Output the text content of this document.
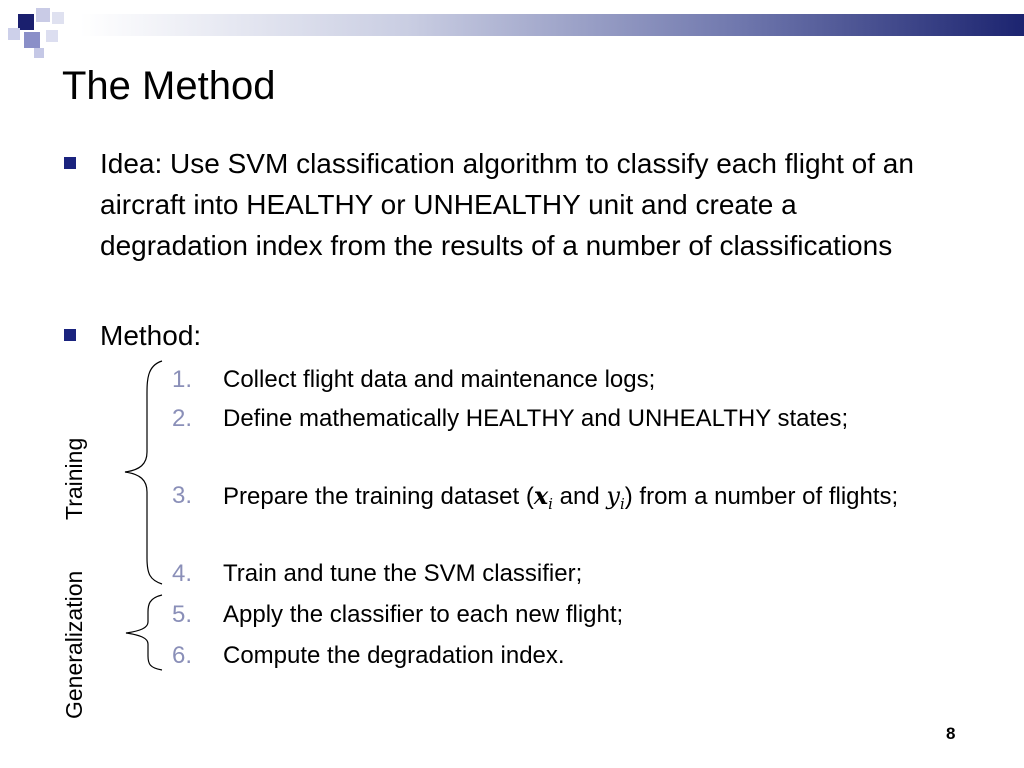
The Method
Idea: Use SVM classification algorithm to classify each flight of an aircraft into HEALTHY or UNHEALTHY unit and create a degradation index from the results of a number of classifications
Method:
1.	Collect flight data and maintenance logs;
2.	Define mathematically HEALTHY and UNHEALTHY states;
3.	Prepare the training dataset ($x_i$ and $y_i$) from a number of flights;
4.	Train and tune the SVM classifier;
5.	Apply the classifier to each new flight;
6.	Compute the degradation index.
Training
Generalization
8
